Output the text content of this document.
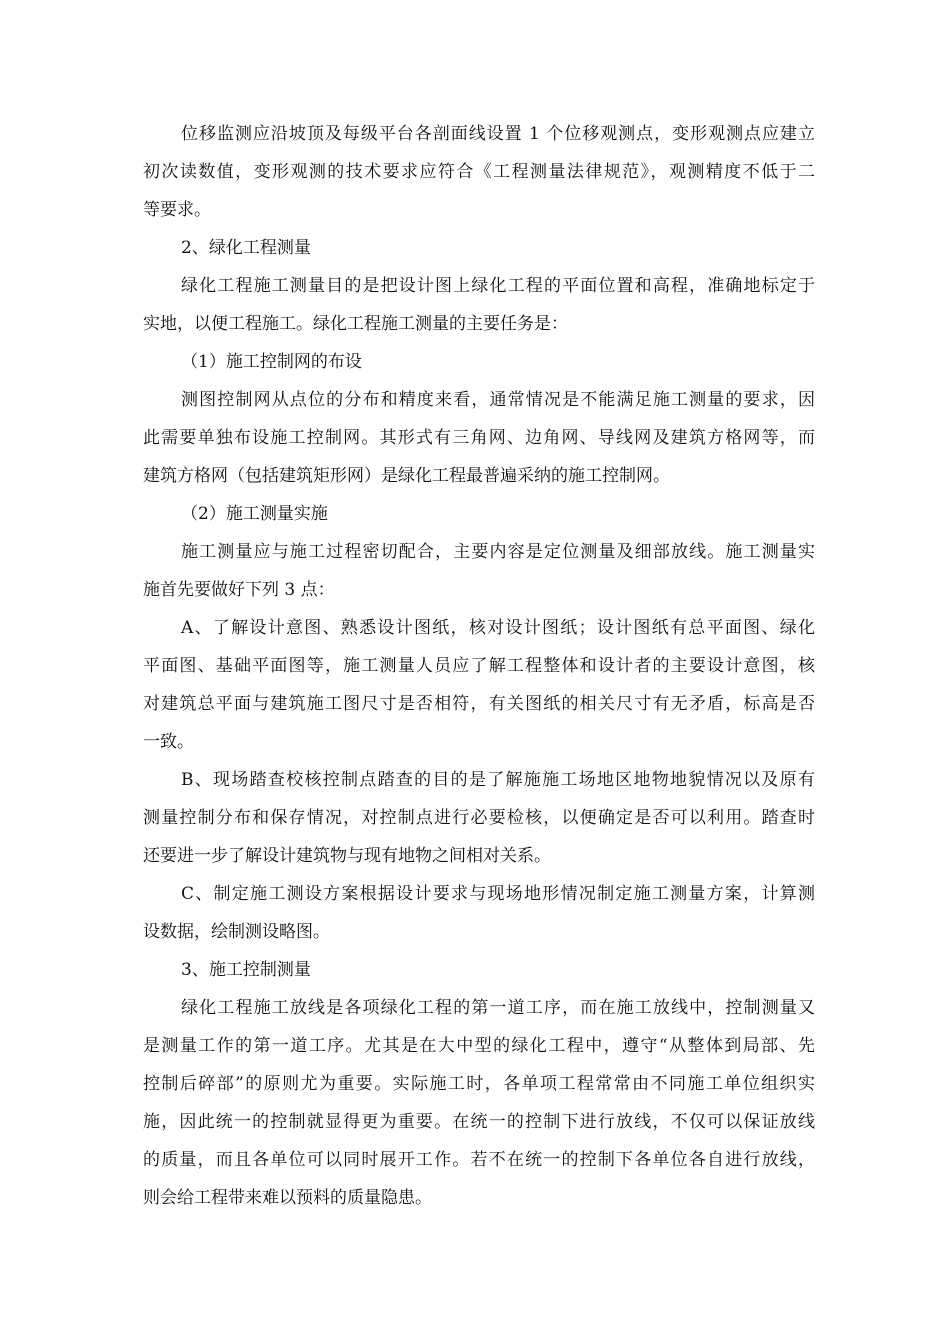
位移监测应沿坡顶及每级平台各剖面线设置 1 个位移观测点，变形观测点应建立
初次读数值，变形观测的技术要求应符合《工程测量法律规范》，观测精度不低于二
等要求。
2、绿化工程测量
绿化工程施工测量目的是把设计图上绿化工程的平面位置和高程，准确地标定于
实地，以便工程施工。绿化工程施工测量的主要任务是：
（1）施工控制网的布设
测图控制网从点位的分布和精度来看，通常情况是不能满足施工测量的要求，因
此需要单独布设施工控制网。其形式有三角网、边角网、导线网及建筑方格网等，而
建筑方格网（包括建筑矩形网）是绿化工程最普遍采纳的施工控制网。
（2）施工测量实施
施工测量应与施工过程密切配合，主要内容是定位测量及细部放线。施工测量实
施首先要做好下列 3 点：
A、了解设计意图、熟悉设计图纸，核对设计图纸；设计图纸有总平面图、绿化
平面图、基础平面图等，施工测量人员应了解工程整体和设计者的主要设计意图，核
对建筑总平面与建筑施工图尺寸是否相符，有关图纸的相关尺寸有无矛盾，标高是否
一致。
B、现场踏查校核控制点踏查的目的是了解施施工场地区地物地貌情况以及原有
测量控制分布和保存情况，对控制点进行必要检核，以便确定是否可以利用。踏查时
还要进一步了解设计建筑物与现有地物之间相对关系。
C、制定施工测设方案根据设计要求与现场地形情况制定施工测量方案，计算测
设数据，绘制测设略图。
3、施工控制测量
绿化工程施工放线是各项绿化工程的第一道工序，而在施工放线中，控制测量又
是测量工作的第一道工序。尤其是在大中型的绿化工程中，遵守“从整体到局部、先
控制后碎部”的原则尤为重要。实际施工时，各单项工程常常由不同施工单位组织实
施，因此统一的控制就显得更为重要。在统一的控制下进行放线，不仅可以保证放线
的质量，而且各单位可以同时展开工作。若不在统一的控制下各单位各自进行放线，
则会给工程带来难以预料的质量隐患。
